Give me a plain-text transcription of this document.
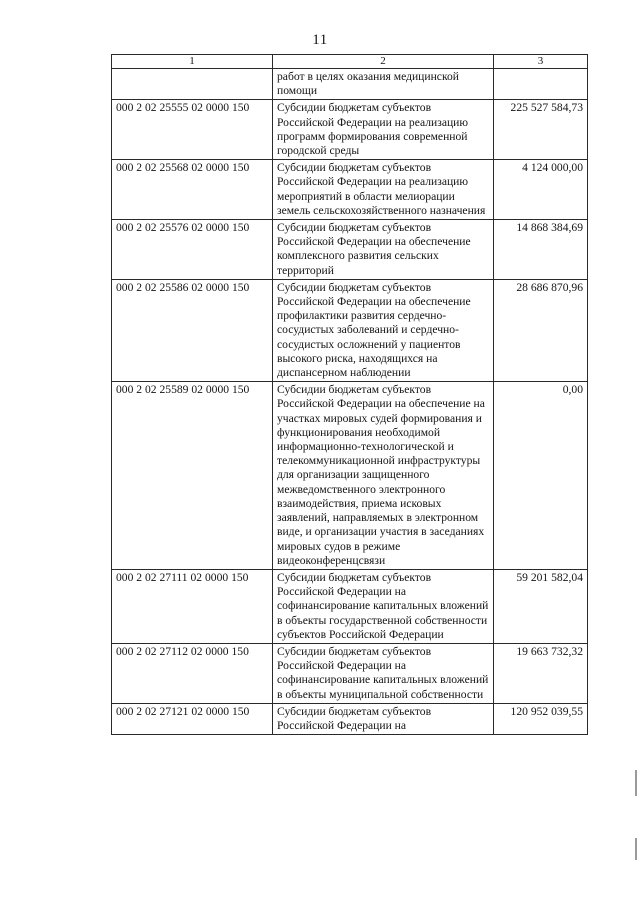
11
1	2	3
	работ в целях оказания медицинской помощи	
000 2 02 25555 02 0000 150	Субсидии бюджетам субъектов Российской Федерации на реализацию программ формирования современной городской среды	225 527 584,73
000 2 02 25568 02 0000 150	Субсидии бюджетам субъектов Российской Федерации на реализацию мероприятий в области мелиорации земель сельскохозяйственного назначения	4 124 000,00
000 2 02 25576 02 0000 150	Субсидии бюджетам субъектов Российской Федерации на обеспечение комплексного развития сельских территорий	14 868 384,69
000 2 02 25586 02 0000 150	Субсидии бюджетам субъектов Российской Федерации на обеспечение профилактики развития сердечно-сосудистых заболеваний и сердечно-сосудистых осложнений у пациентов высокого риска, находящихся на диспансерном наблюдении	28 686 870,96
000 2 02 25589 02 0000 150	Субсидии бюджетам субъектов Российской Федерации на обеспечение на участках мировых судей формирования и функционирования необходимой информационно-технологической и телекоммуникационной инфраструктуры для организации защищенного межведомственного электронного взаимодействия, приема исковых заявлений, направляемых в электронном виде, и организации участия в заседаниях мировых судов в режиме видеоконференцсвязи	0,00
000 2 02 27111 02 0000 150	Субсидии бюджетам субъектов Российской Федерации на софинансирование капитальных вложений в объекты государственной собственности субъектов Российской Федерации	59 201 582,04
000 2 02 27112 02 0000 150	Субсидии бюджетам субъектов Российской Федерации на софинансирование капитальных вложений в объекты муниципальной собственности	19 663 732,32
000 2 02 27121 02 0000 150	Субсидии бюджетам субъектов Российской Федерации на	120 952 039,55
